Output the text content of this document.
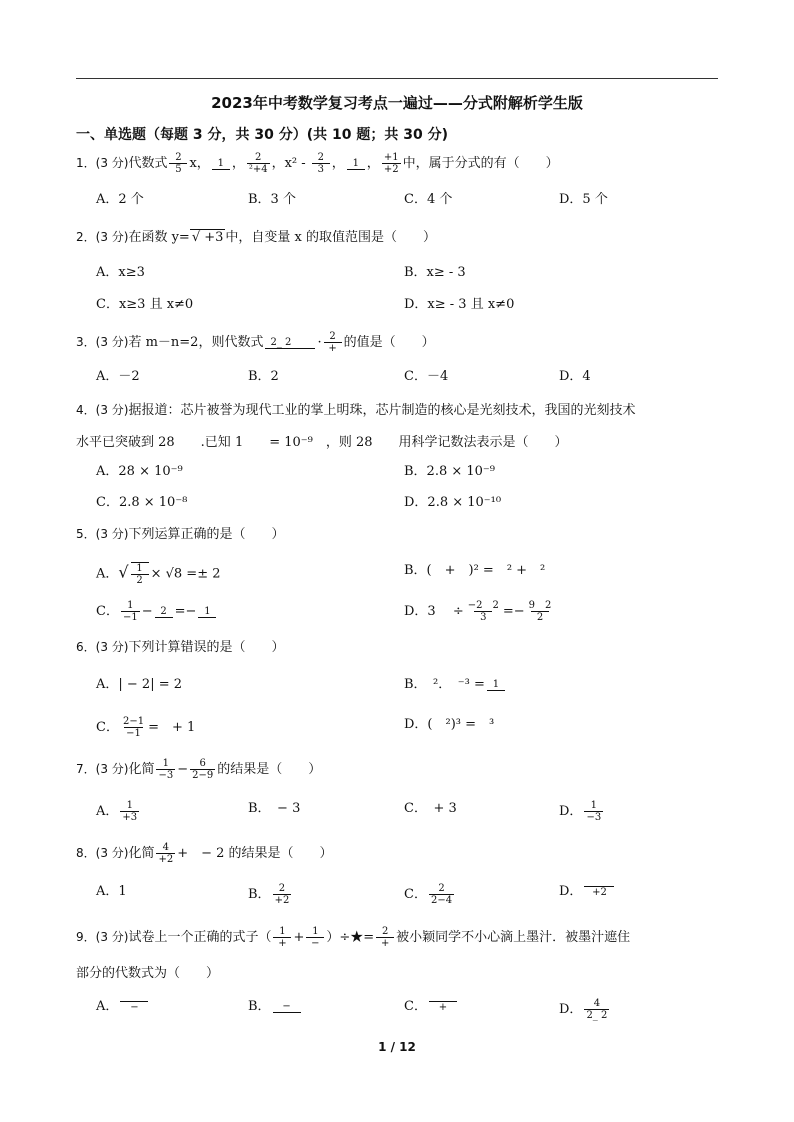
2023年中考数学复习考点一遍过——分式附解析学生版
一、单选题（每题 3 分，共 30 分）(共 10 题；共 30 分)
1．(3 分)代数式 $\frac{2}{5}$ x， 1 ， $\frac{2}{\text{²+4}}$ ，$x^2 - \frac{2}{3}$ ， 1 ， $\frac{+1}{+2}$ 中，属于分式的有（　　）
A．2 个	B．3 个	C．4 个	D．5 个
2．(3 分)在函数 y= √ +3 中，自变量 x 的取值范围是（　　）
A．x≥3	B．x≥ - 3
C．x≥3 且 x≠0	D．x≥ - 3 且 x≠0
3．(3 分)若 m－n=2，则代数式 2_ 2	· $\frac{2}{+}$ 的值是（　　）
A．－2	B．2	C．－4	D．4
4．(3 分)据报道：芯片被誉为现代工业的掌上明珠，芯片制造的核心是光刻技术，我国的光刻技术
水平已突破到 28　　.已知 1　　= 10⁻⁹　，则 28　　用科学记数法表示是（　　）
A．28 × 10⁻⁹	B．2.8 × 10⁻⁹
C．2.8 × 10⁻⁸	D．2.8 × 10⁻¹⁰
5．(3 分)下列运算正确的是（　　）
A．√ $\frac{1}{2} \times √8 =\pm 2$	B．(　+　)² =　² +　²
C． $\frac{1}{-1} - 2 =- 1$	D．3　 ÷ $\frac{-2 2}{3} =- \frac{9 2}{2}$
6．(3 分)下列计算错误的是（　　）
A．| − 2| = 2	B．　²．　⁻³ = 1
C． $\frac{2-1}{-1}$ =　+ 1	D．(　²)³ =　³
7．(3 分)化简 $\frac{1}{-3} - \frac{6}{2-9}$ 的结果是（　　）
A． $\frac{1}{+3}$	B．　− 3	C．　+ 3	D． $\frac{1}{-3}$
8．(3 分)化简 $\frac{4}{+2}$ +　− 2 的结果是（　　）
A．1	B． $\frac{2}{+2}$	C． $\frac{2}{2-4}$	D． +2
9．(3 分)试卷上一个正确的式子（ $\frac{1}{+} + \frac{1}{-}$ ）÷★= $\frac{2}{+}$ 被小颖同学不小心滴上墨汁．被墨汁遮住
部分的代数式为（　　）
A．	−	B． −	C．	+	D． $\frac{4}{2\_ 2}$
1 / 12
